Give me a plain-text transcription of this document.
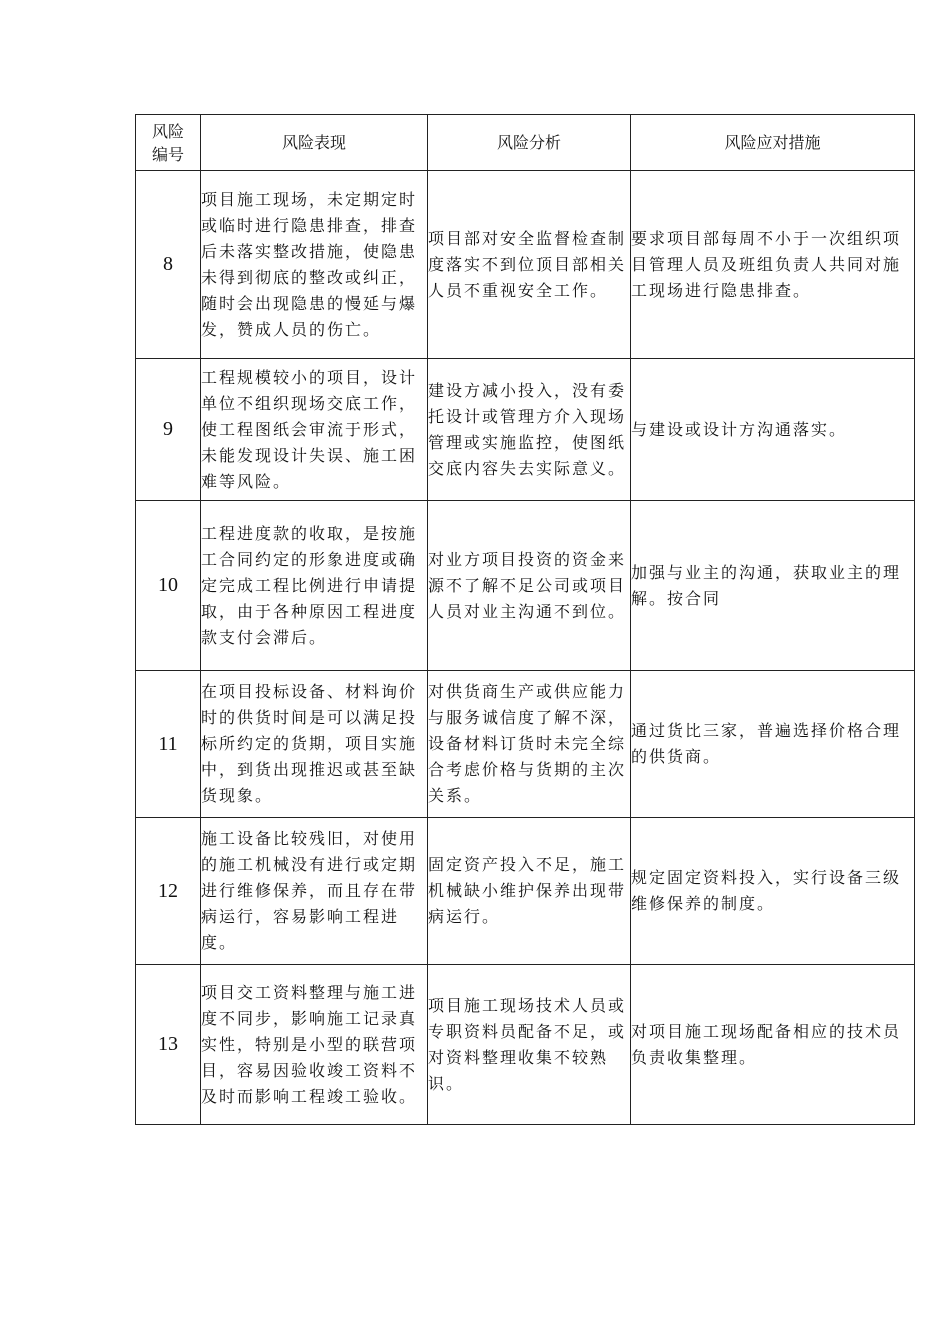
风险
编号	风险表现	风险分析	风险应对措施
8	项目施工现场，未定期定时或临时进行隐患排查，排查后未落实整改措施，使隐患未得到彻底的整改或纠正，随时会出现隐患的慢延与爆发，赞成人员的伤亡。	项目部对安全监督检查制度落实不到位顶目部相关人员不重视安全工作。	要求项目部每周不小于一次组织项目管理人员及班组负责人共同对施工现场进行隐患排查。
9	工程规模较小的项目，设计单位不组织现场交底工作，使工程图纸会审流于形式，未能发现设计失误、施工困难等风险。	建设方减小投入，没有委托设计或管理方介入现场管理或实施监控，使图纸交底内容失去实际意义。	与建设或设计方沟通落实。
10	工程进度款的收取，是按施工合同约定的形象进度或确定完成工程比例进行申请提取，由于各种原因工程进度款支付会滞后。	对业方项目投资的资金来源不了解不足公司或项目人员对业主沟通不到位。	加强与业主的沟通，获取业主的理解。按合同
11	在项目投标设备、材料询价时的供货时间是可以满足投标所约定的货期，项目实施中，到货出现推迟或甚至缺货现象。	对供货商生产或供应能力与服务诚信度了解不深，设备材料订货时未完全综合考虑价格与货期的主次关系。	通过货比三家，普遍选择价格合理的供货商。
12	施工设备比较残旧，对使用的施工机械没有进行或定期进行维修保养，而且存在带病运行，容易影响工程进度。	固定资产投入不足，施工机械缺小维护保养出现带病运行。	规定固定资料投入，实行设备三级维修保养的制度。
13	项目交工资料整理与施工进度不同步，影响施工记录真实性，特别是小型的联营项目，容易因验收竣工资料不及时而影响工程竣工验收。	项目施工现场技术人员或专职资料员配备不足，或对资料整理收集不较熟识。	对项目施工现场配备相应的技术员负责收集整理。
